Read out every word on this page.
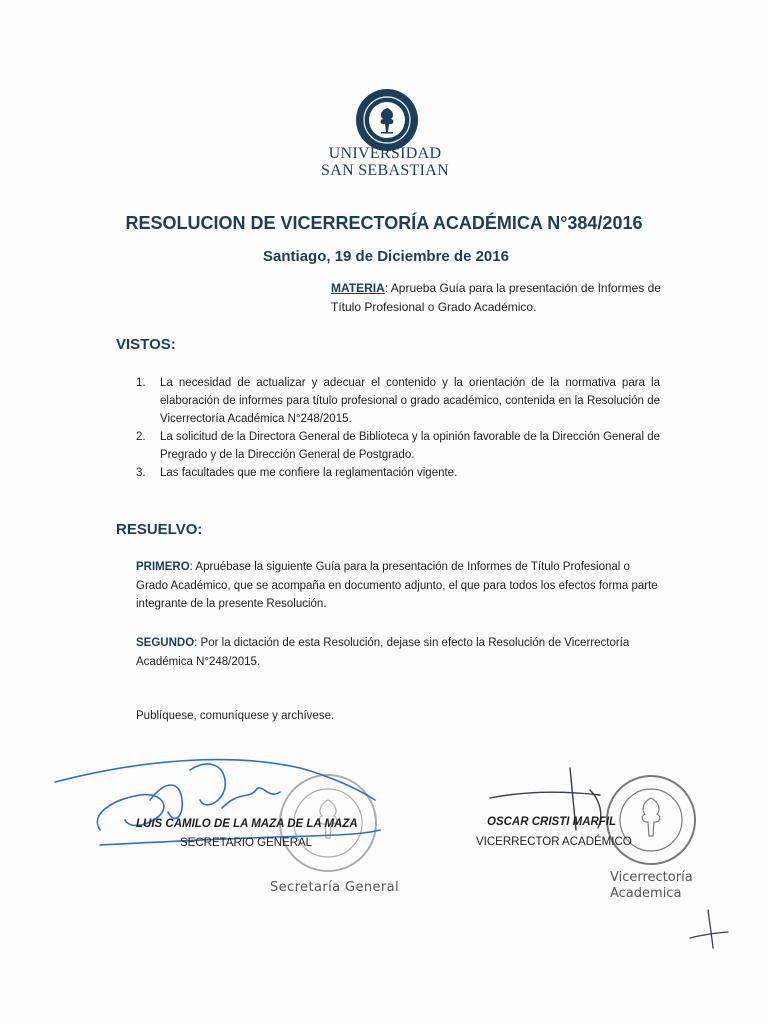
UNIVERSIDAD
SAN SEBASTIAN
RESOLUCION DE VICERRECTORÍA ACADÉMICA N°384/2016
Santiago, 19 de Diciembre de 2016
MATERIA: Aprueba Guía para la presentación de Informes de Título Profesional o Grado Académico.
VISTOS:
1. La necesidad de actualizar y adecuar el contenido y la orientación de la normativa para la elaboración de informes para título profesional o grado académico, contenida en la Resolución de Vicerrectoría Académica N°248/2015.
2. La solicitud de la Directora General de Biblioteca y la opinión favorable de la Dirección General de Pregrado y de la Dirección General de Postgrado.
3. Las facultades que me confiere la reglamentación vigente.
RESUELVO:
PRIMERO: Apruébase la siguiente Guía para la presentación de Informes de Título Profesional o Grado Académico, que se acompaña en documento adjunto, el que para todos los efectos forma parte integrante de la presente Resolución.
SEGUNDO: Por la dictación de esta Resolución, dejase sin efecto la Resolución de Vicerrectoría Académica N°248/2015.
Publíquese, comuníquese y archívese.
LUIS CAMILO DE LA MAZA DE LA MAZA
SECRETARIO GENERAL
Secretaría General
OSCAR CRISTI MARFIL
VICERRECTOR ACADÉMICO
Vicerrectoría
Academica
